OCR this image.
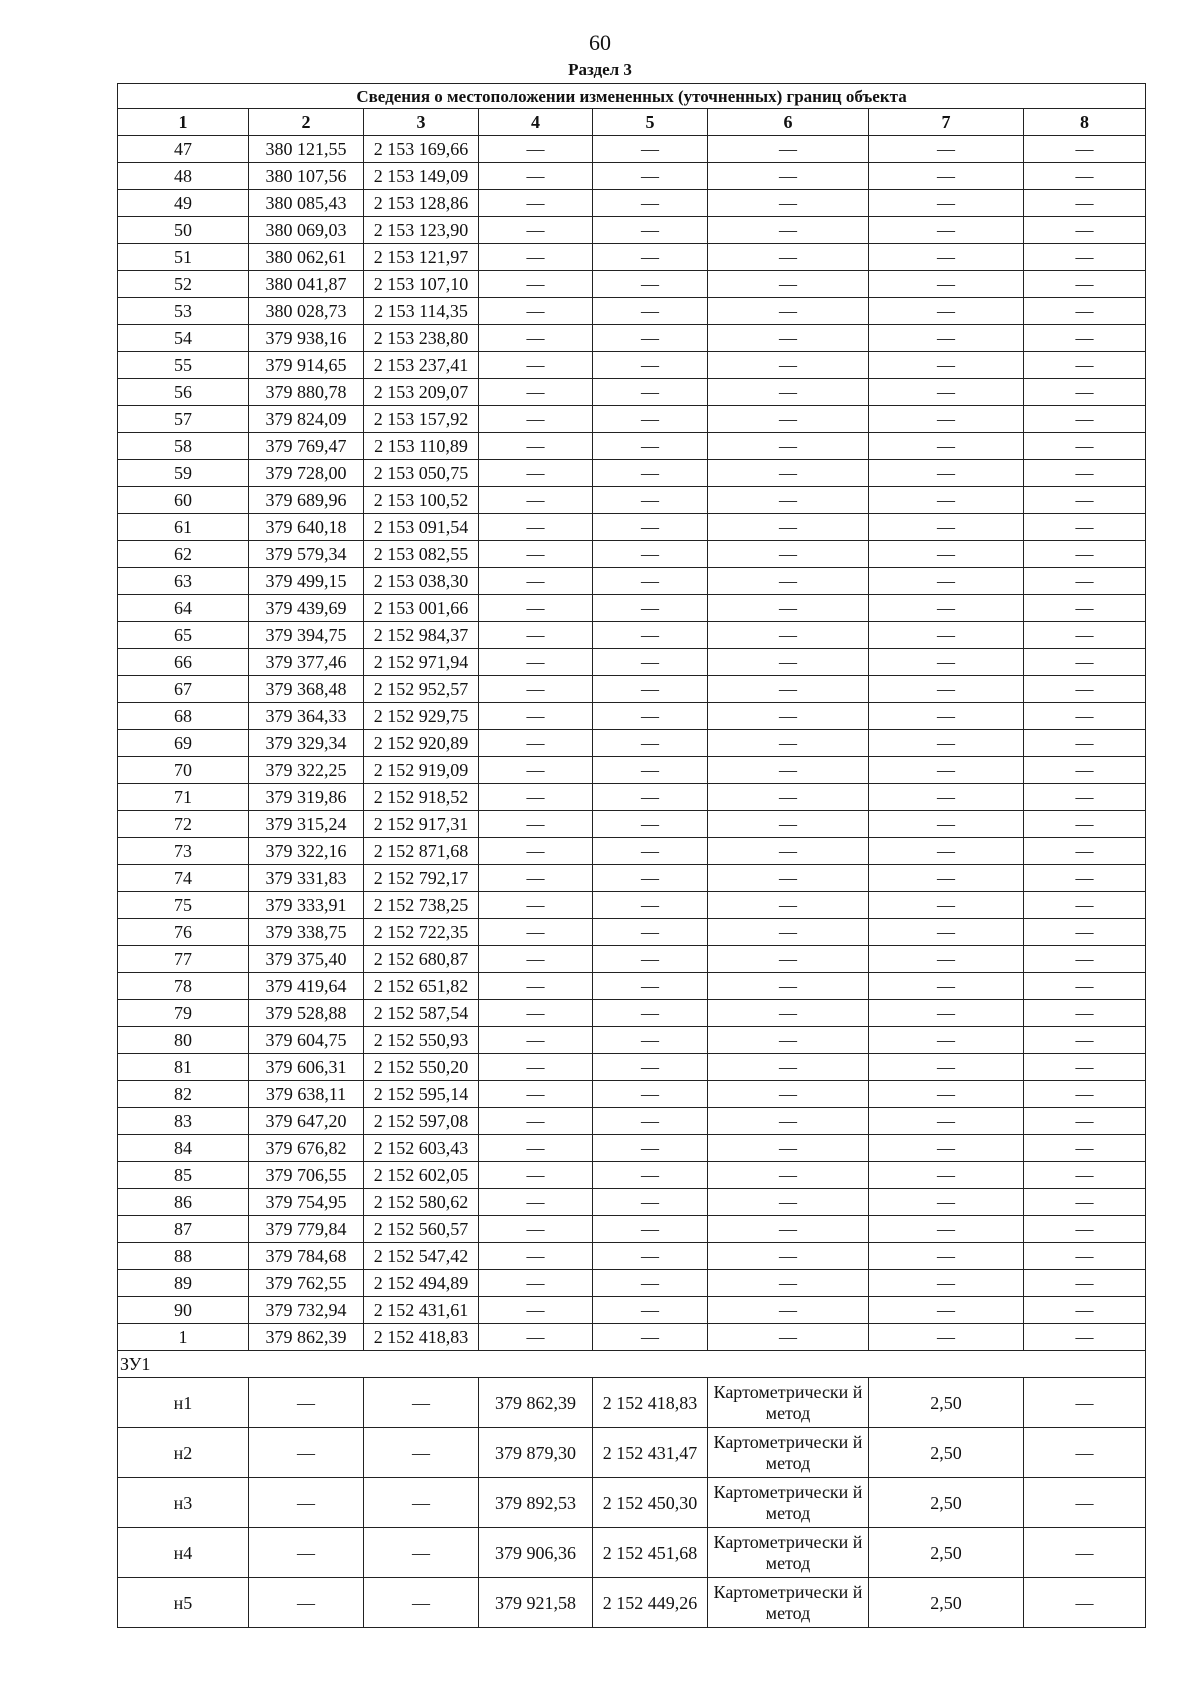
60
Раздел 3
Сведения о местоположении измененных (уточненных) границ объекта							
1	2	3	4	5	6	7	8
47	380 121,55	2 153 169,66	—	—	—	—	—
48	380 107,56	2 153 149,09	—	—	—	—	—
49	380 085,43	2 153 128,86	—	—	—	—	—
50	380 069,03	2 153 123,90	—	—	—	—	—
51	380 062,61	2 153 121,97	—	—	—	—	—
52	380 041,87	2 153 107,10	—	—	—	—	—
53	380 028,73	2 153 114,35	—	—	—	—	—
54	379 938,16	2 153 238,80	—	—	—	—	—
55	379 914,65	2 153 237,41	—	—	—	—	—
56	379 880,78	2 153 209,07	—	—	—	—	—
57	379 824,09	2 153 157,92	—	—	—	—	—
58	379 769,47	2 153 110,89	—	—	—	—	—
59	379 728,00	2 153 050,75	—	—	—	—	—
60	379 689,96	2 153 100,52	—	—	—	—	—
61	379 640,18	2 153 091,54	—	—	—	—	—
62	379 579,34	2 153 082,55	—	—	—	—	—
63	379 499,15	2 153 038,30	—	—	—	—	—
64	379 439,69	2 153 001,66	—	—	—	—	—
65	379 394,75	2 152 984,37	—	—	—	—	—
66	379 377,46	2 152 971,94	—	—	—	—	—
67	379 368,48	2 152 952,57	—	—	—	—	—
68	379 364,33	2 152 929,75	—	—	—	—	—
69	379 329,34	2 152 920,89	—	—	—	—	—
70	379 322,25	2 152 919,09	—	—	—	—	—
71	379 319,86	2 152 918,52	—	—	—	—	—
72	379 315,24	2 152 917,31	—	—	—	—	—
73	379 322,16	2 152 871,68	—	—	—	—	—
74	379 331,83	2 152 792,17	—	—	—	—	—
75	379 333,91	2 152 738,25	—	—	—	—	—
76	379 338,75	2 152 722,35	—	—	—	—	—
77	379 375,40	2 152 680,87	—	—	—	—	—
78	379 419,64	2 152 651,82	—	—	—	—	—
79	379 528,88	2 152 587,54	—	—	—	—	—
80	379 604,75	2 152 550,93	—	—	—	—	—
81	379 606,31	2 152 550,20	—	—	—	—	—
82	379 638,11	2 152 595,14	—	—	—	—	—
83	379 647,20	2 152 597,08	—	—	—	—	—
84	379 676,82	2 152 603,43	—	—	—	—	—
85	379 706,55	2 152 602,05	—	—	—	—	—
86	379 754,95	2 152 580,62	—	—	—	—	—
87	379 779,84	2 152 560,57	—	—	—	—	—
88	379 784,68	2 152 547,42	—	—	—	—	—
89	379 762,55	2 152 494,89	—	—	—	—	—
90	379 732,94	2 152 431,61	—	—	—	—	—
1	379 862,39	2 152 418,83	—	—	—	—	—
ЗУ1							
н1	—	—	379 862,39	2 152 418,83	Картометрически й метод	2,50	—
н2	—	—	379 879,30	2 152 431,47	Картометрически й метод	2,50	—
н3	—	—	379 892,53	2 152 450,30	Картометрически й метод	2,50	—
н4	—	—	379 906,36	2 152 451,68	Картометрически й метод	2,50	—
н5	—	—	379 921,58	2 152 449,26	Картометрически й метод	2,50	—
